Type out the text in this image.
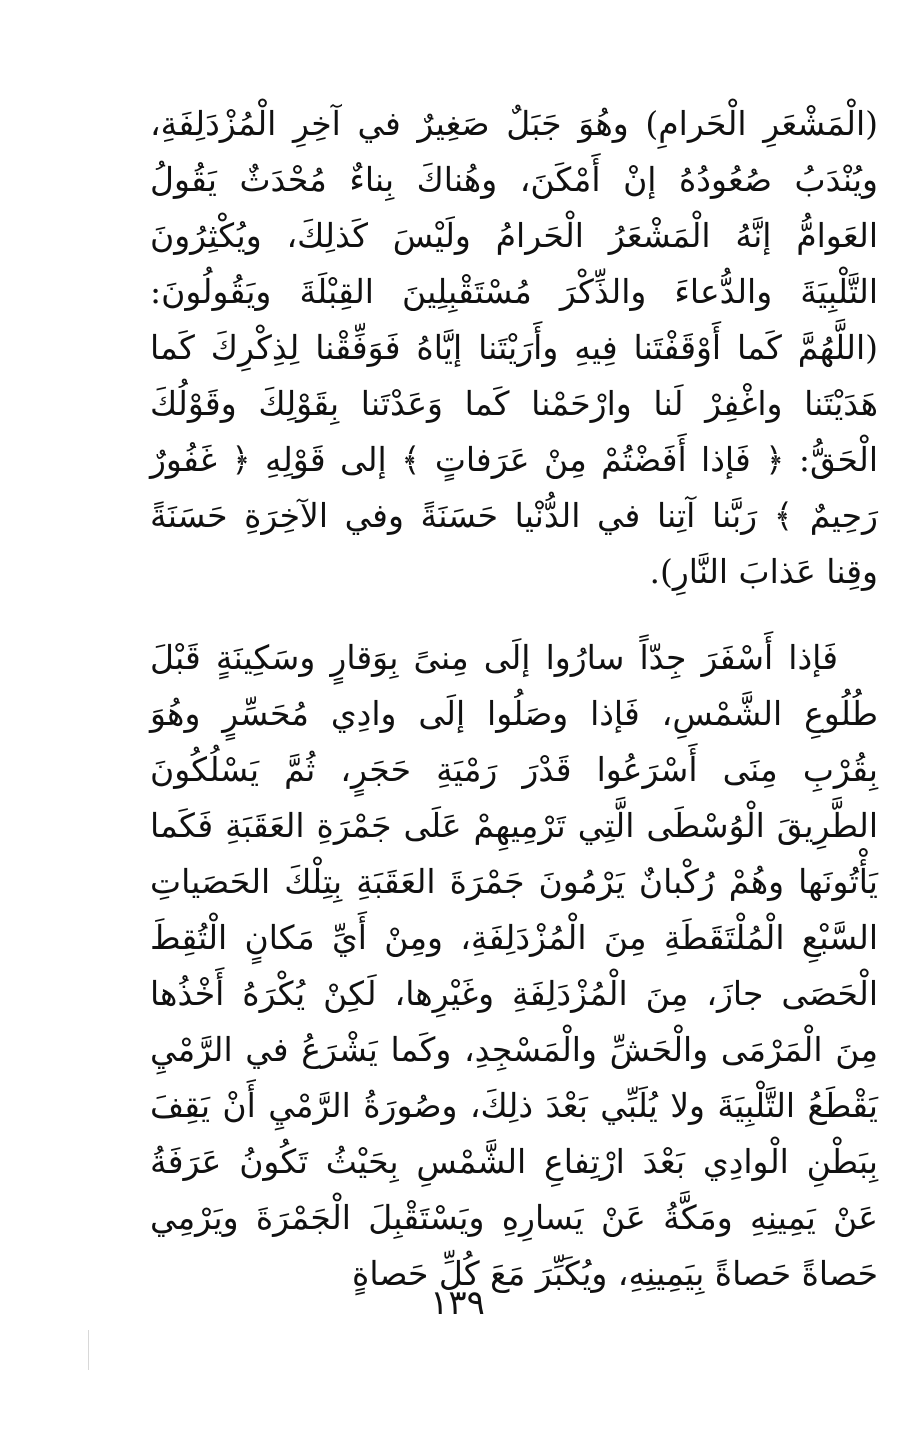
(الْمَشْعَرِ الْحَرامِ) وهُوَ جَبَلٌ صَغِيرٌ في آخِرِ الْمُزْدَلِفَةِ، ويُنْدَبُ صُعُودُهُ إنْ أَمْكَنَ، وهُناكَ بِناءٌ مُحْدَثٌ يَقُولُ العَوامُّ إنَّهُ الْمَشْعَرُ الْحَرامُ ولَيْسَ كَذلِكَ، ويُكْثِرُونَ التَّلْبِيَةَ والدُّعاءَ والذِّكْرَ مُسْتَقْبِلِينَ القِبْلَةَ ويَقُولُونَ: (اللَّهُمَّ كَما أَوْقَفْتَنا فِيهِ وأَرَيْتَنا إيَّاهُ فَوَفِّقْنا لِذِكْرِكَ كَما هَدَيْتَنا واغْفِرْ لَنا وارْحَمْنا كَما وَعَدْتَنا بِقَوْلِكَ وقَوْلُكَ الْحَقُّ: ﴿ فَإذا أَفَضْتُمْ مِنْ عَرَفاتٍ ﴾ إلى قَوْلِهِ ﴿ غَفُورٌ رَحِيمٌ ﴾ رَبَّنا آتِنا في الدُّنْيا حَسَنَةً وفي الآخِرَةِ حَسَنَةً وقِنا عَذابَ النَّارِ).

فَإذا أَسْفَرَ جِدّاً سارُوا إلَى مِنىً بِوَقارٍ وسَكِينَةٍ قَبْلَ طُلُوعِ الشَّمْسِ، فَإذا وصَلُوا إلَى وادِي مُحَسِّرٍ وهُوَ بِقُرْبِ مِنَى أَسْرَعُوا قَدْرَ رَمْيَةِ حَجَرٍ، ثُمَّ يَسْلُكُونَ الطَّرِيقَ الْوُسْطَى الَّتِي تَرْمِيهِمْ عَلَى جَمْرَةِ العَقَبَةِ فَكَما يَأْتُونَها وهُمْ رُكْبانٌ يَرْمُونَ جَمْرَةَ العَقَبَةِ بِتِلْكَ الحَصَياتِ السَّبْعِ الْمُلْتَقَطَةِ مِنَ الْمُزْدَلِفَةِ، ومِنْ أَيِّ مَكانٍ الْتُقِطَ الْحَصَى جازَ، مِنَ الْمُزْدَلِفَةِ وغَيْرِها، لَكِنْ يُكْرَهُ أَخْذُها مِنَ الْمَرْمَى والْحَشِّ والْمَسْجِدِ، وكَما يَشْرَعُ في الرَّمْيِ يَقْطَعُ التَّلْبِيَةَ ولا يُلَبِّي بَعْدَ ذلِكَ، وصُورَةُ الرَّمْيِ أَنْ يَقِفَ بِبَطْنِ الْوادِي بَعْدَ ارْتِفاعِ الشَّمْسِ بِحَيْثُ تَكُونُ عَرَفَةُ عَنْ يَمِينِهِ ومَكَّةُ عَنْ يَسارِهِ ويَسْتَقْبِلَ الْجَمْرَةَ ويَرْمِي حَصاةً حَصاةً بِيَمِينِهِ، ويُكَبِّرَ مَعَ كُلِّ حَصاةٍ

١٣٩
